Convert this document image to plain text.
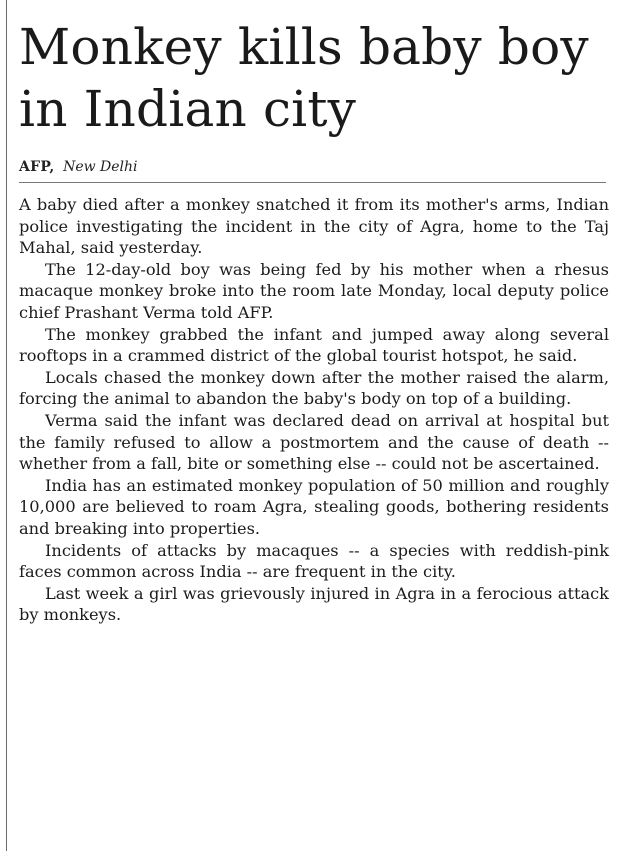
Monkey kills baby boy in Indian city
AFP, New Delhi

A baby died after a monkey snatched it from its mother's arms, Indian police investigating the incident in the city of Agra, home to the Taj Mahal, said yesterday.

The 12-day-old boy was being fed by his mother when a rhesus macaque monkey broke into the room late Monday, local deputy police chief Prashant Verma told AFP.

The monkey grabbed the infant and jumped away along several rooftops in a crammed district of the global tourist hotspot, he said.

Locals chased the monkey down after the mother raised the alarm, forcing the animal to abandon the baby's body on top of a building.

Verma said the infant was declared dead on arrival at hospital but the family refused to allow a postmortem and the cause of death -- whether from a fall, bite or something else -- could not be ascertained.

India has an estimated monkey population of 50 million and roughly 10,000 are believed to roam Agra, stealing goods, bothering residents and breaking into properties.

Incidents of attacks by macaques -- a species with reddish-pink faces common across India -- are frequent in the city.

Last week a girl was grievously injured in Agra in a ferocious attack by monkeys.
